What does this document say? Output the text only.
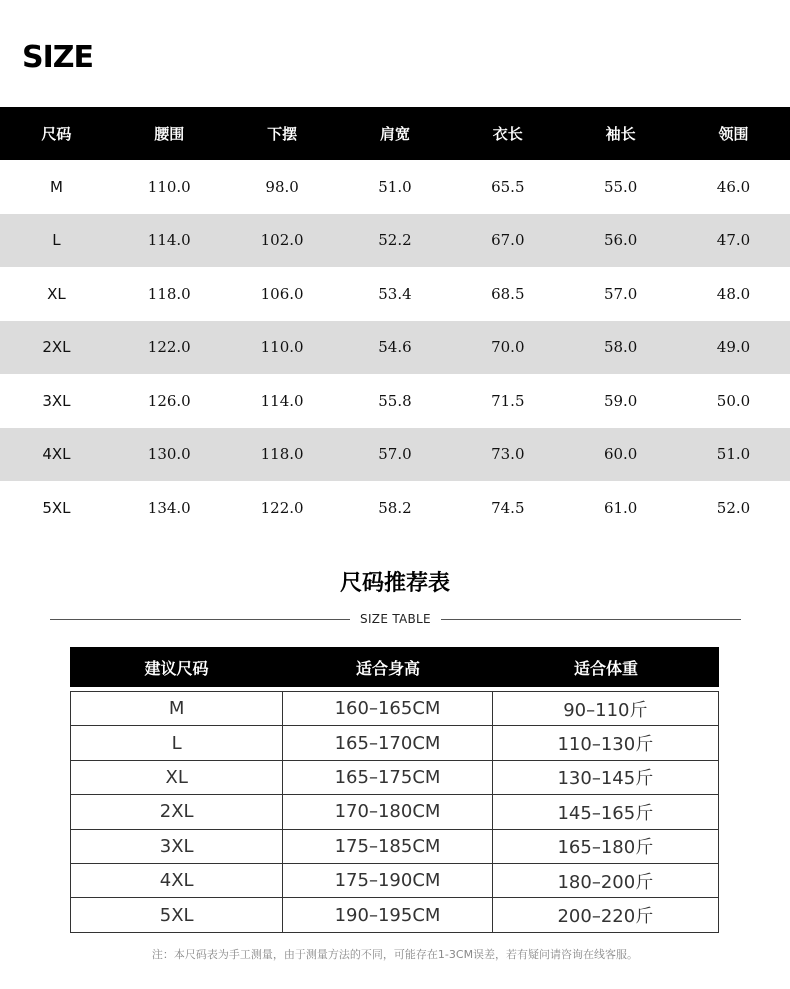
SIZE
尺码	腰围	下摆	肩宽	衣长	袖长	领围
M	110.0	98.0	51.0	65.5	55.0	46.0
L	114.0	102.0	52.2	67.0	56.0	47.0
XL	118.0	106.0	53.4	68.5	57.0	48.0
2XL	122.0	110.0	54.6	70.0	58.0	49.0
3XL	126.0	114.0	55.8	71.5	59.0	50.0
4XL	130.0	118.0	57.0	73.0	60.0	51.0
5XL	134.0	122.0	58.2	74.5	61.0	52.0
尺码推荐表
SIZE TABLE
建议尺码	适合身高	适合体重
M	160–165CM	90–110斤
L	165–170CM	110–130斤
XL	165–175CM	130–145斤
2XL	170–180CM	145–165斤
3XL	175–185CM	165–180斤
4XL	175–190CM	180–200斤
5XL	190–195CM	200–220斤
注：本尺码表为手工测量，由于测量方法的不同，可能存在1-3CM误差，若有疑问请咨询在线客服。
